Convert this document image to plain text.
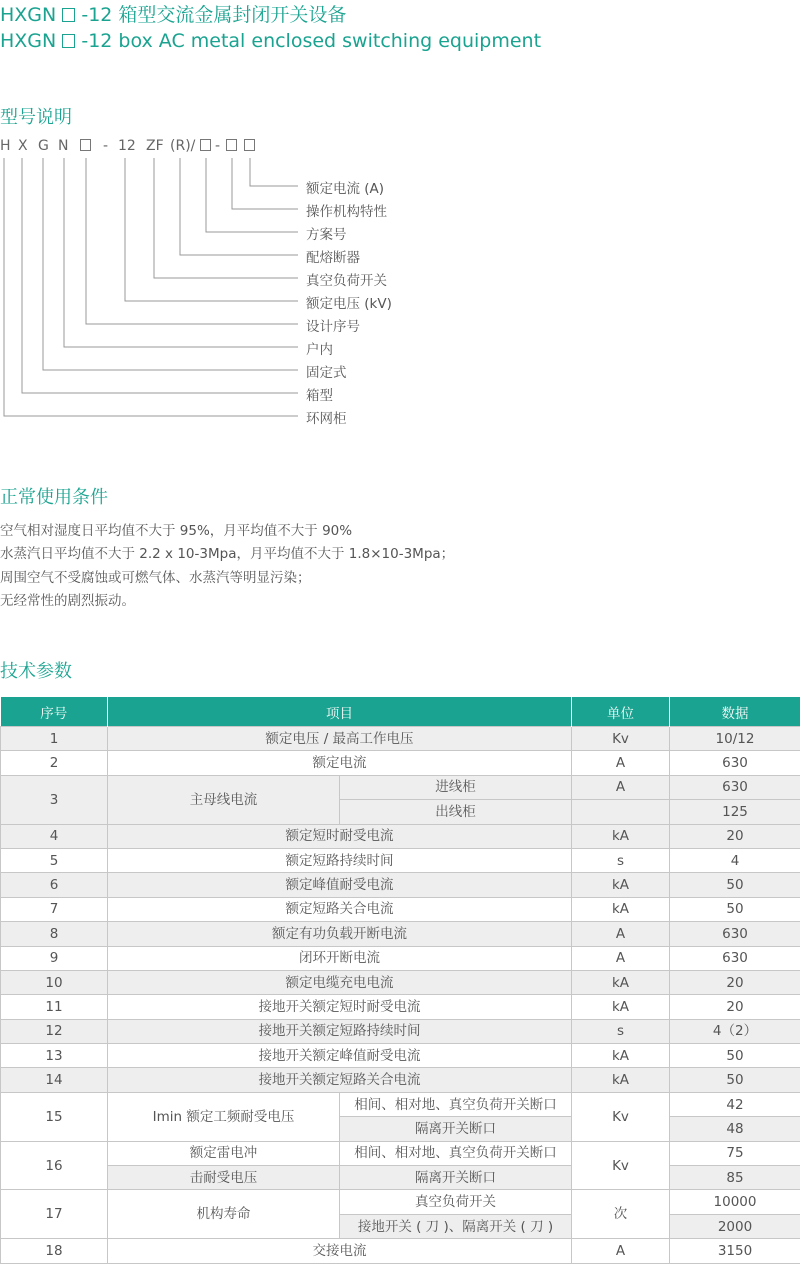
HXGN -12 箱型交流金属封闭开关设备
HXGN -12 box AC metal enclosed switching equipment
型号说明
H X G N - 12 ZF (R)/ -
额定电流 (A)
操作机构特性
方案号
配熔断器
真空负荷开关
额定电压 (kV)
设计序号
户内
固定式
箱型
环网柜
正常使用条件
空气相对湿度日平均值不大于 95%，月平均值不大于 90%
水蒸汽日平均值不大于 2.2 x 10-3Mpa，月平均值不大于 1.8×10-3Mpa；
周围空气不受腐蚀或可燃气体、水蒸汽等明显污染；
无经常性的剧烈振动。
技术参数
序号	项目		单位	数据
1	额定电压 / 最高工作电压		Kv	10/12
2	额定电流		A	630
3	主母线电流	进线柜	A	630
		出线柜		125
4	额定短时耐受电流		kA	20
5	额定短路持续时间		s	4
6	额定峰值耐受电流		kA	50
7	额定短路关合电流		kA	50
8	额定有功负载开断电流		A	630
9	闭环开断电流		A	630
10	额定电缆充电电流		kA	20
11	接地开关额定短时耐受电流		kA	20
12	接地开关额定短路持续时间		s	4（2）
13	接地开关额定峰值耐受电流		kA	50
14	接地开关额定短路关合电流		kA	50
15	Imin 额定工频耐受电压	相间、相对地、真空负荷开关断口	Kv	42
		隔离开关断口		48
16	额定雷电冲	相间、相对地、真空负荷开关断口	Kv	75
	击耐受电压	隔离开关断口		85
17	机构寿命	真空负荷开关	次	10000
		接地开关 ( 刀 )、隔离开关 ( 刀 )		2000
18	交接电流		A	3150
